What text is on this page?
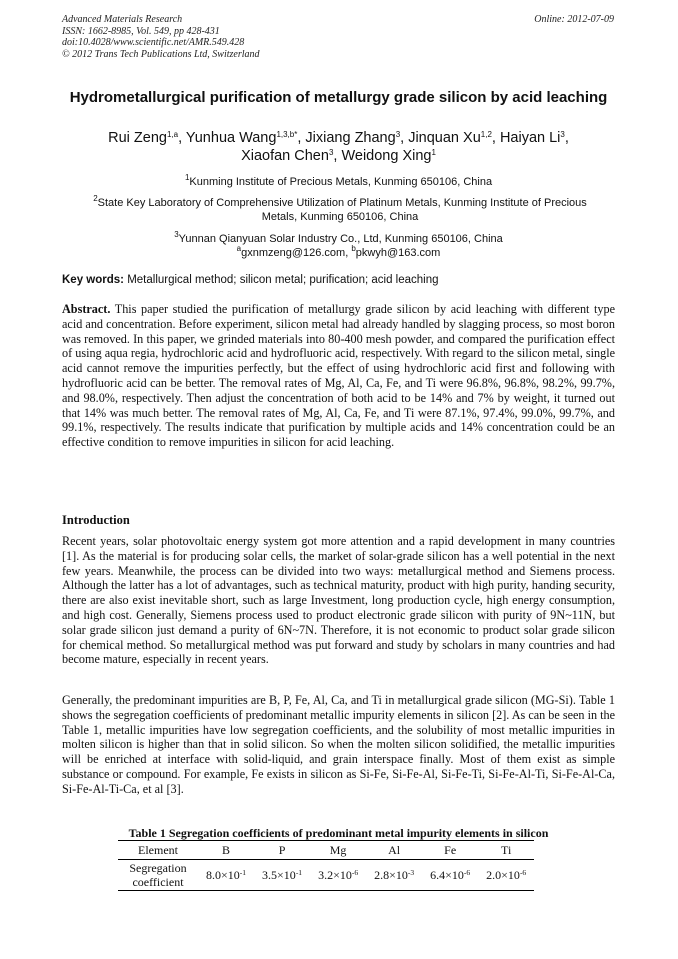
Advanced Materials Research
ISSN: 1662-8985, Vol. 549, pp 428-431
doi:10.4028/www.scientific.net/AMR.549.428
© 2012 Trans Tech Publications Ltd, Switzerland
Online: 2012-07-09
Hydrometallurgical purification of metallurgy grade silicon by acid leaching
Rui Zeng$^{1,a}$, Yunhua Wang$^{1,3,b*}$, Jixiang Zhang$^3$, Jinquan Xu$^{1,2}$, Haiyan Li$^3$,
Xiaofan Chen$^3$, Weidong Xing$^1$
$^1$Kunming Institute of Precious Metals, Kunming 650106, China
$^2$State Key Laboratory of Comprehensive Utilization of Platinum Metals, Kunming Institute of Precious Metals, Kunming 650106, China
$^3$Yunnan Qianyuan Solar Industry Co., Ltd, Kunming 650106, China
$^a$gxnmzeng@126.com, $^b$pkwyh@163.com
Key words: Metallurgical method; silicon metal; purification; acid leaching

Abstract. This paper studied the purification of metallurgy grade silicon by acid leaching with different type acid and concentration. Before experiment, silicon metal had already handled by slagging process, so most boron was removed. In this paper, we grinded materials into 80-400 mesh powder, and compared the purification effect of using aqua regia, hydrochloric acid and hydrofluoric acid, respectively. With regard to the silicon metal, single acid cannot remove the impurities perfectly, but the effect of using hydrochloric acid first and following with hydrofluoric acid can be better. The removal rates of Mg, Al, Ca, Fe, and Ti were 96.8%, 96.8%, 98.2%, 99.7%, and 98.0%, respectively. Then adjust the concentration of both acid to be 14% and 7% by weight, it turned out that 14% was much better. The removal rates of Mg, Al, Ca, Fe, and Ti were 87.1%, 97.4%, 99.0%, 99.7%, and 99.1%, respectively. The results indicate that purification by multiple acids and 14% concentration could be an effective condition to remove impurities in silicon for acid leaching.

Introduction

Recent years, solar photovoltaic energy system got more attention and a rapid development in many countries [1]. As the material is for producing solar cells, the market of solar-grade silicon has a well potential in the next few years. Meanwhile, the process can be divided into two ways: metallurgical method and Siemens process. Although the latter has a lot of advantages, such as technical maturity, product with high purity, handing security, there are also exist inevitable short, such as large Investment, long production cycle, high energy consumption, and high cost. Generally, Siemens process used to product electronic grade silicon with purity of 9N~11N, but solar grade silicon just demand a purity of 6N~7N. Therefore, it is not economic to product solar grade silicon for chemical method. So metallurgical method was put forward and study by scholars in many countries and had become mature, especially in recent years.

Generally, the predominant impurities are B, P, Fe, Al, Ca, and Ti in metallurgical grade silicon (MG-Si). Table 1 shows the segregation coefficients of predominant metallic impurity elements in silicon [2]. As can be seen in the Table 1, metallic impurities have low segregation coefficients, and the solubility of most metallic impurities in molten silicon is higher than that in solid silicon. So when the molten silicon solidified, the metallic impurities will be enriched at interface with solid-liquid, and grain interspace finally. Most of them exist as simple substance or compound. For example, Fe exists in silicon as Si-Fe, Si-Fe-Al, Si-Fe-Ti, Si-Fe-Al-Ti, Si-Fe-Al-Ca, Si-Fe-Al-Ti-Ca, et al [3].

Table 1 Segregation coefficients of predominant metal impurity elements in silicon
Element	B	P	Mg	Al	Fe	Ti
Segregation
coefficient	$8.0\times 10^{-1}$	$3.5\times 10^{-1}$	$3.2\times 10^{-6}$	$2.8\times 10^{-3}$	$6.4\times 10^{-6}$	$2.0\times 10^{-6}$
